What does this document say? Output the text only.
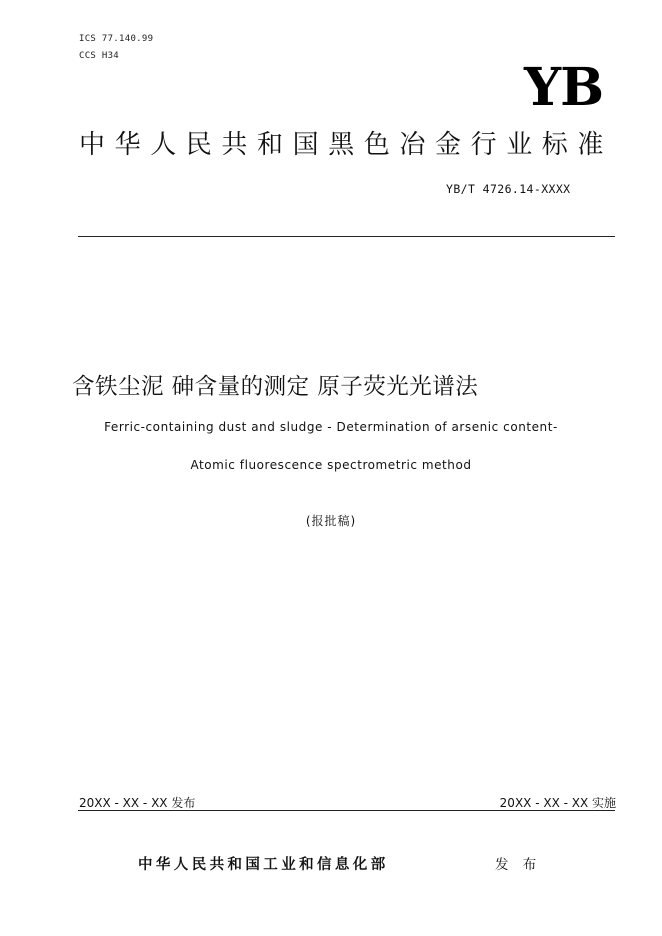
ICS 77.140.99
CCS H34
YB
中华人民共和国黑色冶金行业标准
YB/T 4726.14-XXXX
含铁尘泥 砷含量的测定 原子荧光光谱法
Ferric-containing dust and sludge - Determination of arsenic content-
Atomic fluorescence spectrometric method
(报批稿)
20XX - XX - XX 发布	20XX - XX - XX 实施
中华人民共和国工业和信息化部	发 布
